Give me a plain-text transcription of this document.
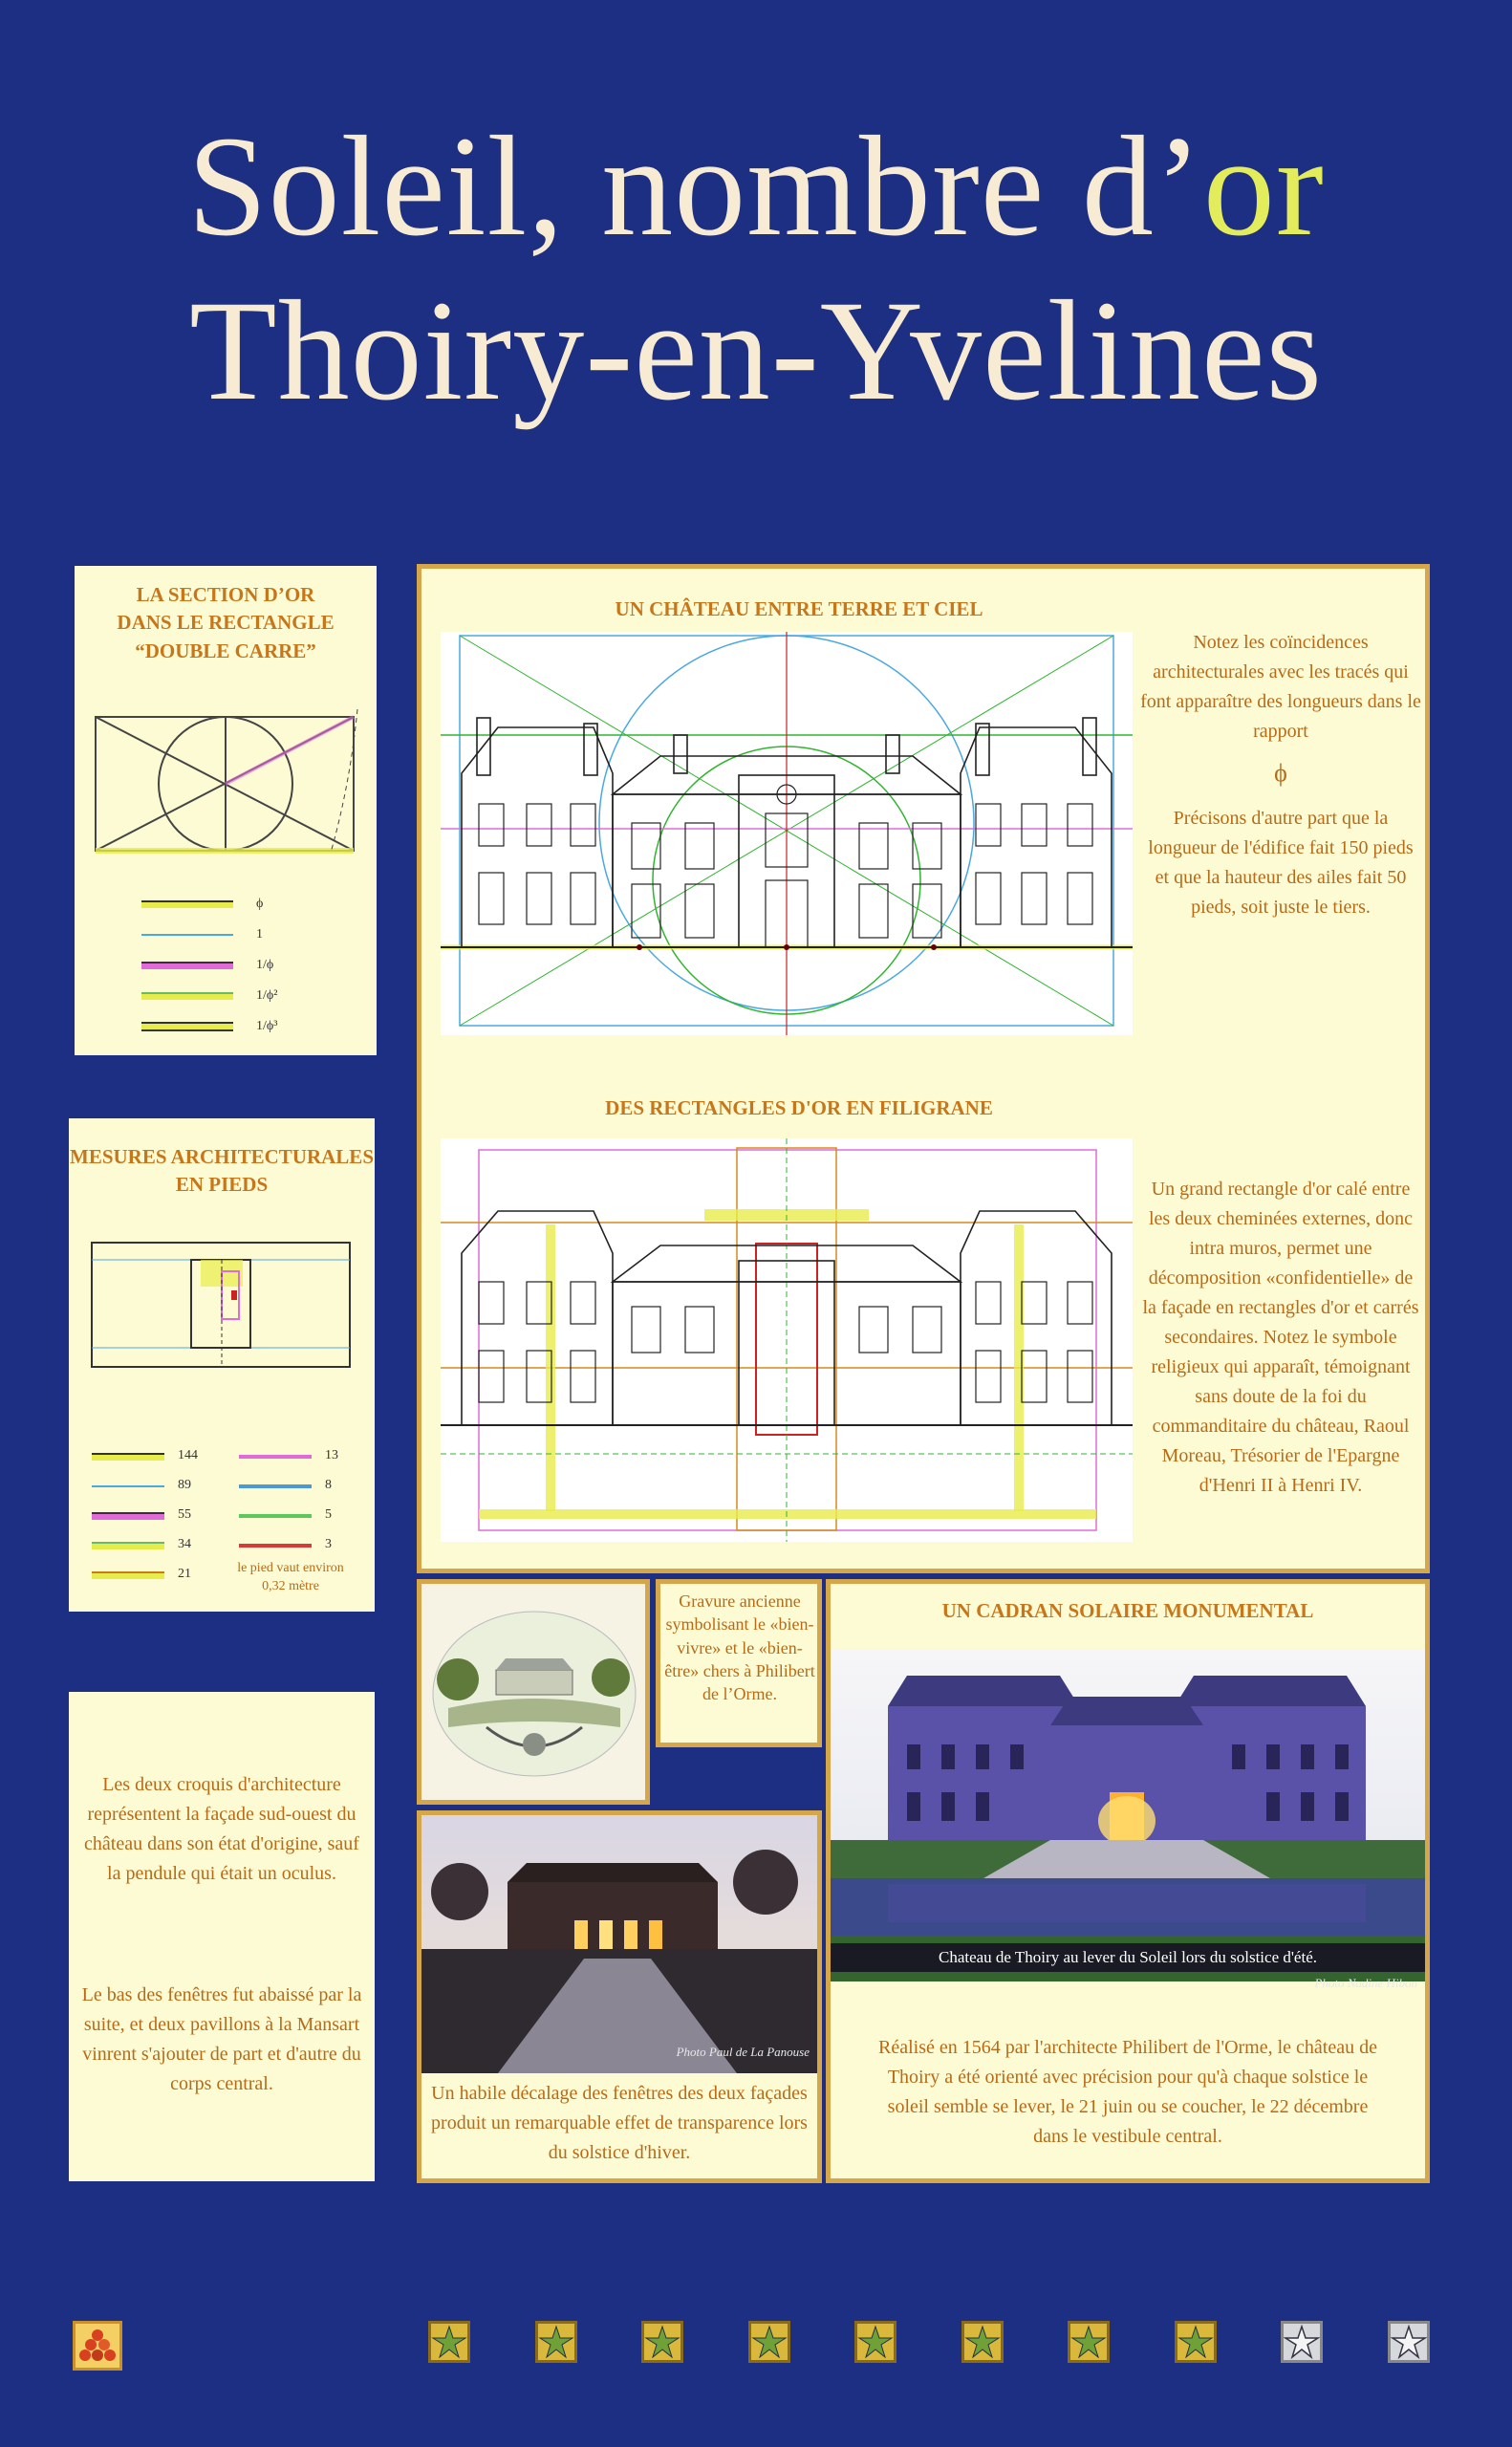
Soleil, nombre d’or
Thoiry-en-Yvelines
LA SECTION D’OR
DANS LE RECTANGLE
“DOUBLE CARRE”
ϕ
1
1/ϕ
1/ϕ²
1/ϕ³
MESURES ARCHITECTURALES
EN PIEDS
144
89
55
34
21
13
8
5
3
le pied vaut environ
0,32 mètre
Les deux croquis d'architecture représentent la façade sud-ouest du château dans son état d'origine, sauf la pendule qui était un oculus.
Le bas des fenêtres fut abaissé par la suite, et deux pavillons à la Mansart vinrent s'ajouter de part et d'autre du corps central.
UN CHÂTEAU ENTRE TERRE ET CIEL
Notez les coïncidences architecturales avec les tracés qui font apparaître des longueurs dans le rapport
ϕ
Précisons d'autre part que la longueur de l'édifice fait 150 pieds et que la hauteur des ailes fait 50 pieds, soit juste le tiers.
DES RECTANGLES D'OR EN FILIGRANE
Un grand rectangle d'or calé entre les deux cheminées externes, donc intra muros, permet une décomposition «confidentielle» de la façade en rectangles d'or et carrés secondaires. Notez le symbole religieux qui apparaît, témoignant sans doute de la foi du commanditaire du château, Raoul Moreau, Trésorier de l'Epargne d'Henri II à Henri IV.
Gravure ancienne symbolisant le «bien-vivre» et le «bien-être» chers à Philibert de l’Orme.
Photo Paul de La Panouse
Un habile décalage des fenêtres des deux façades produit un remarquable effet de transparence lors du solstice d'hiver.
UN CADRAN SOLAIRE MONUMENTAL
Chateau de Thoiry au lever du Soleil lors du solstice d'été.
Photo Nadine Hibon
Réalisé en 1564 par l'architecte Philibert de l'Orme, le château de Thoiry a été orienté avec précision pour qu'à chaque solstice le soleil semble se lever, le 21 juin ou se coucher, le 22 décembre dans le vestibule central.
